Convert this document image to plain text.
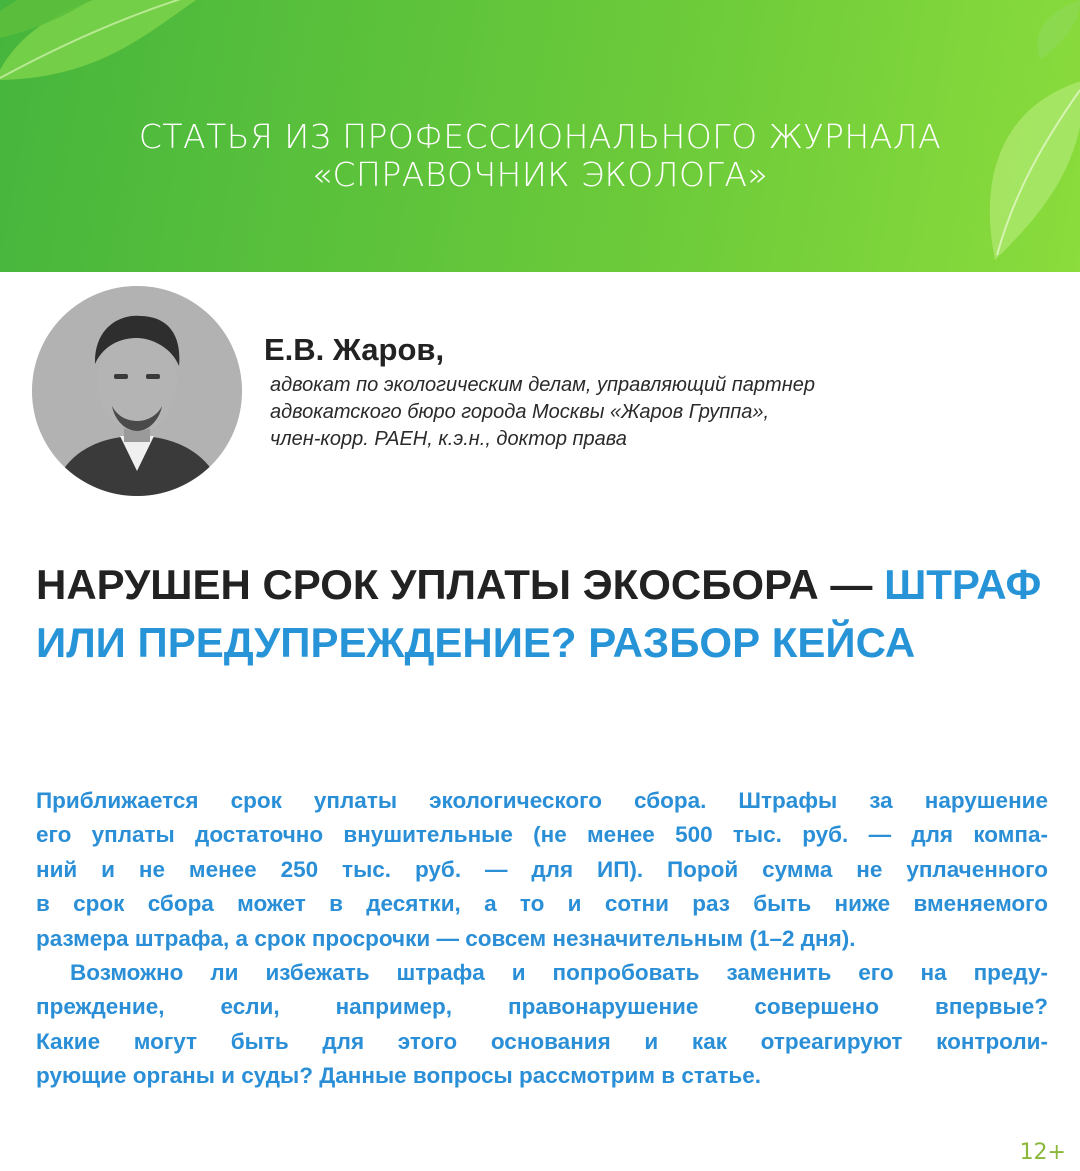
СТАТЬЯ ИЗ ПРОФЕССИОНАЛЬНОГО ЖУРНАЛА
«СПРАВОЧНИК ЭКОЛОГА»
Е.В. Жаров,
адвокат по экологическим делам, управляющий партнер
адвокатского бюро города Москвы «Жаров Группа»,
член-корр. РАЕН, к.э.н., доктор права
НАРУШЕН СРОК УПЛАТЫ ЭКОСБОРА — ШТРАФ
ИЛИ ПРЕДУПРЕЖДЕНИЕ? РАЗБОР КЕЙСА
Приближается срок уплаты экологического сбора. Штрафы за нарушение
его уплаты достаточно внушительные (не менее 500 тыс. руб. — для компа-
ний и не менее 250 тыс. руб. — для ИП). Порой сумма не уплаченного
в срок сбора может в десятки, а то и сотни раз быть ниже вменяемого
размера штрафа, а срок просрочки — совсем незначительным (1–2 дня).
Возможно ли избежать штрафа и попробовать заменить его на преду-
преждение, если, например, правонарушение совершено впервые?
Какие могут быть для этого основания и как отреагируют контроли-
рующие органы и суды? Данные вопросы рассмотрим в статье.
12+
